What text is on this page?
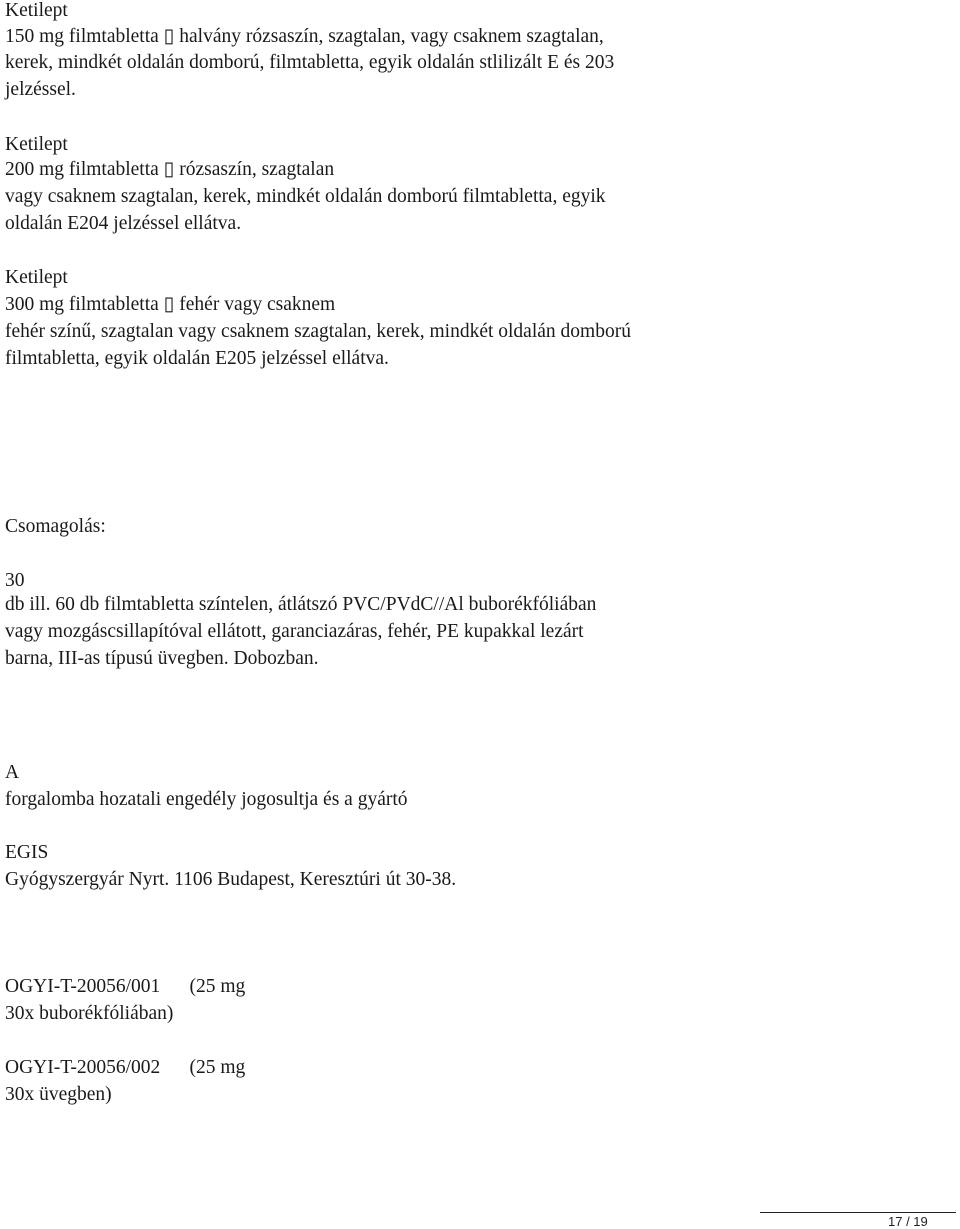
Ketilept
150 mg filmtabletta ▯ halvány rózsaszín, szagtalan, vagy csaknem szagtalan,
kerek, mindkét oldalán domború, filmtabletta, egyik oldalán stlilizált E és 203
jelzéssel.
Ketilept
200 mg filmtabletta ▯ rózsaszín, szagtalan
vagy csaknem szagtalan, kerek, mindkét oldalán domború filmtabletta, egyik
oldalán E204 jelzéssel ellátva.
Ketilept
300 mg filmtabletta ▯ fehér vagy csaknem
fehér színű, szagtalan vagy csaknem szagtalan, kerek, mindkét oldalán domború
filmtabletta, egyik oldalán E205 jelzéssel ellátva.
Csomagolás:
30
db ill. 60 db filmtabletta színtelen, átlátszó PVC/PVdC//Al buborékfóliában
vagy mozgáscsillapítóval ellátott, garanciazáras, fehér, PE kupakkal lezárt
barna, III-as típusú üvegben. Dobozban.
A
forgalomba hozatali engedély jogosultja és a gyártó
EGIS
Gyógyszergyár Nyrt. 1106 Budapest, Keresztúri út 30-38.
OGYI-T-20056/001      (25 mg
30x buborékfóliában)
OGYI-T-20056/002      (25 mg
30x üvegben)
17 / 19
